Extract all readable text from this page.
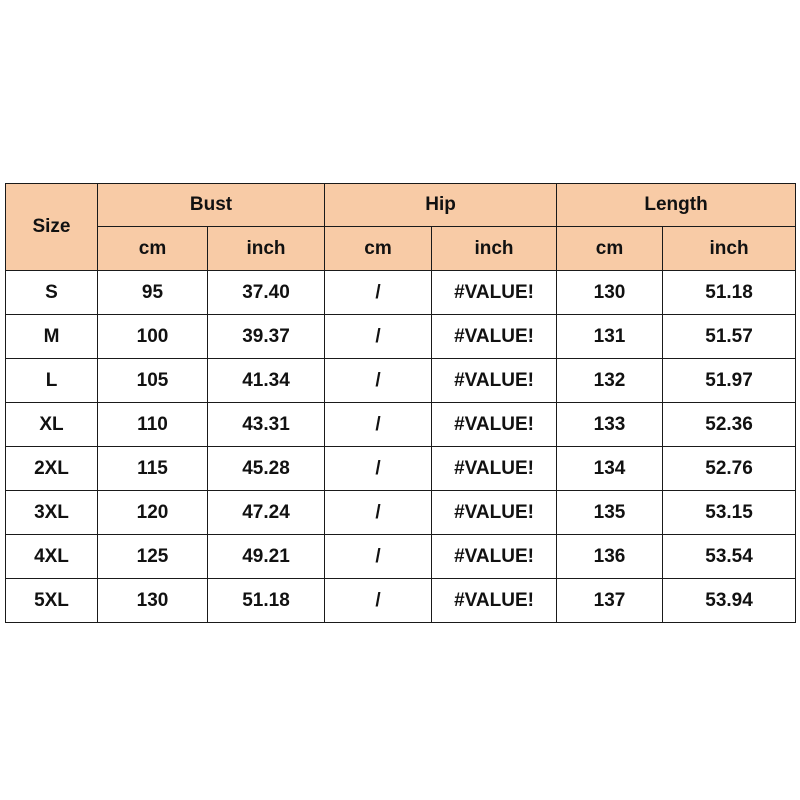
Size	Bust		Hip		Length	
	cm	inch	cm	inch	cm	inch
S	95	37.40	/	#VALUE!	130	51.18
M	100	39.37	/	#VALUE!	131	51.57
L	105	41.34	/	#VALUE!	132	51.97
XL	110	43.31	/	#VALUE!	133	52.36
2XL	115	45.28	/	#VALUE!	134	52.76
3XL	120	47.24	/	#VALUE!	135	53.15
4XL	125	49.21	/	#VALUE!	136	53.54
5XL	130	51.18	/	#VALUE!	137	53.94
